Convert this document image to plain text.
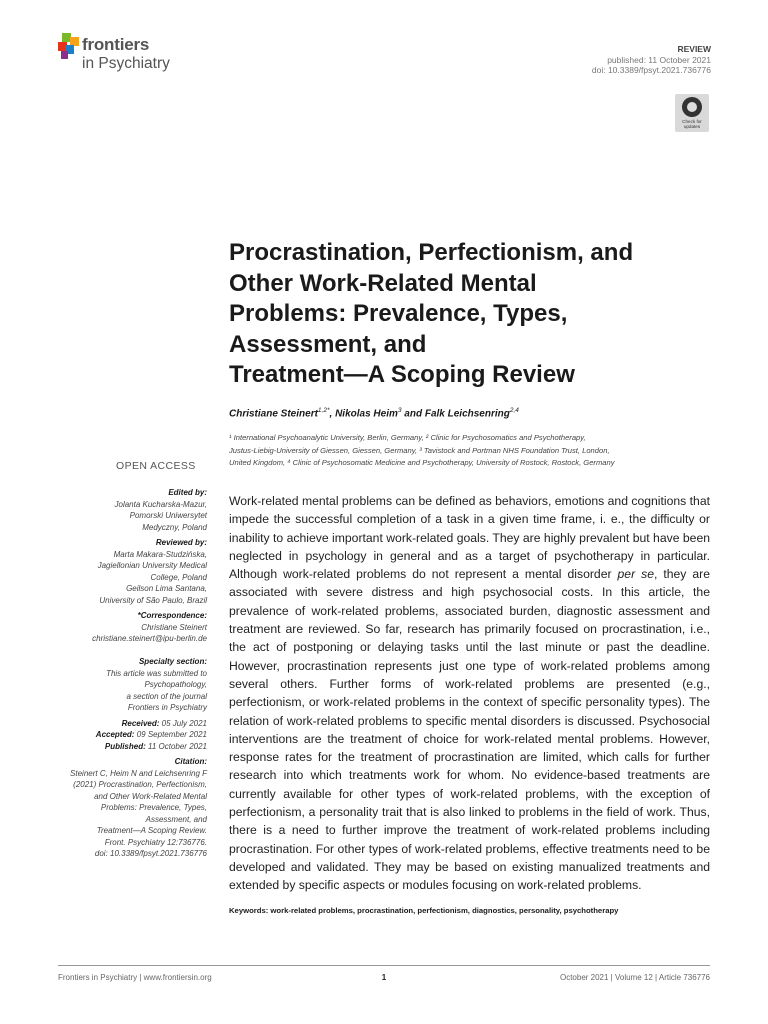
frontiers
in Psychiatry
REVIEW
published: 11 October 2021
doi: 10.3389/fpsyt.2021.736776
Check for
updates
Procrastination, Perfectionism, and
Other Work-Related Mental
Problems: Prevalence, Types,
Assessment, and
Treatment—A Scoping Review
Christiane Steinert$^{1,2*}$, Nikolas Heim$^3$ and Falk Leichsenring$^{2,4}$
¹ International Psychoanalytic University, Berlin, Germany, ² Clinic for Psychosomatics and Psychotherapy,
Justus-Liebig-University of Giessen, Giessen, Germany, ³ Tavistock and Portman NHS Foundation Trust, London,
United Kingdom, ⁴ Clinic of Psychosomatic Medicine and Psychotherapy, University of Rostock, Rostock, Germany
OPEN ACCESS
Edited by:
Jolanta Kucharska-Mazur,
Pomorski Uniwersytet
Medyczny, Poland
Reviewed by:
Marta Makara-Studzińska,
Jagiellonian University Medical
College, Poland
Geilson Lima Santana,
University of São Paulo, Brazil
*Correspondence:
Christiane Steinert
christiane.steinert@ipu-berlin.de
Specialty section:
This article was submitted to
Psychopathology,
a section of the journal
Frontiers in Psychiatry
Received: 05 July 2021
Accepted: 09 September 2021
Published: 11 October 2021
Citation:
Steinert C, Heim N and Leichsenring F
(2021) Procrastination, Perfectionism,
and Other Work-Related Mental
Problems: Prevalence, Types,
Assessment, and
Treatment—A Scoping Review.
Front. Psychiatry 12:736776.
doi: 10.3389/fpsyt.2021.736776
Work-related mental problems can be defined as behaviors, emotions and cognitions that impede the successful completion of a task in a given time frame, i. e., the difficulty or inability to achieve important work-related goals. They are highly prevalent but have been neglected in psychology in general and as a target of psychotherapy in particular. Although work-related problems do not represent a mental disorder per se, they are associated with severe distress and high psychosocial costs. In this article, the prevalence of work-related problems, associated burden, diagnostic assessment and treatment are reviewed. So far, research has primarily focused on procrastination, i.e., the act of postponing or delaying tasks until the last minute or past the deadline. However, procrastination represents just one type of work-related problems among several others. Further forms of work-related problems are presented (e.g., perfectionism, or work-related problems in the context of specific personality types). The relation of work-related problems to specific mental disorders is discussed. Psychosocial interventions are the treatment of choice for work-related mental problems. However, response rates for the treatment of procrastination are limited, which calls for further research into which treatments work for whom. No evidence-based treatments are currently available for other types of work-related problems, with the exception of perfectionism, a personality trait that is also linked to problems in the field of work. Thus, there is a need to further improve the treatment of work-related problems including procrastination. For other types of work-related problems, effective treatments need to be developed and validated. They may be based on existing manualized treatments and extended by specific aspects or modules focusing on work-related problems.
Keywords: work-related problems, procrastination, perfectionism, diagnostics, personality, psychotherapy
Frontiers in Psychiatry | www.frontiersin.org	1	October 2021 | Volume 12 | Article 736776
